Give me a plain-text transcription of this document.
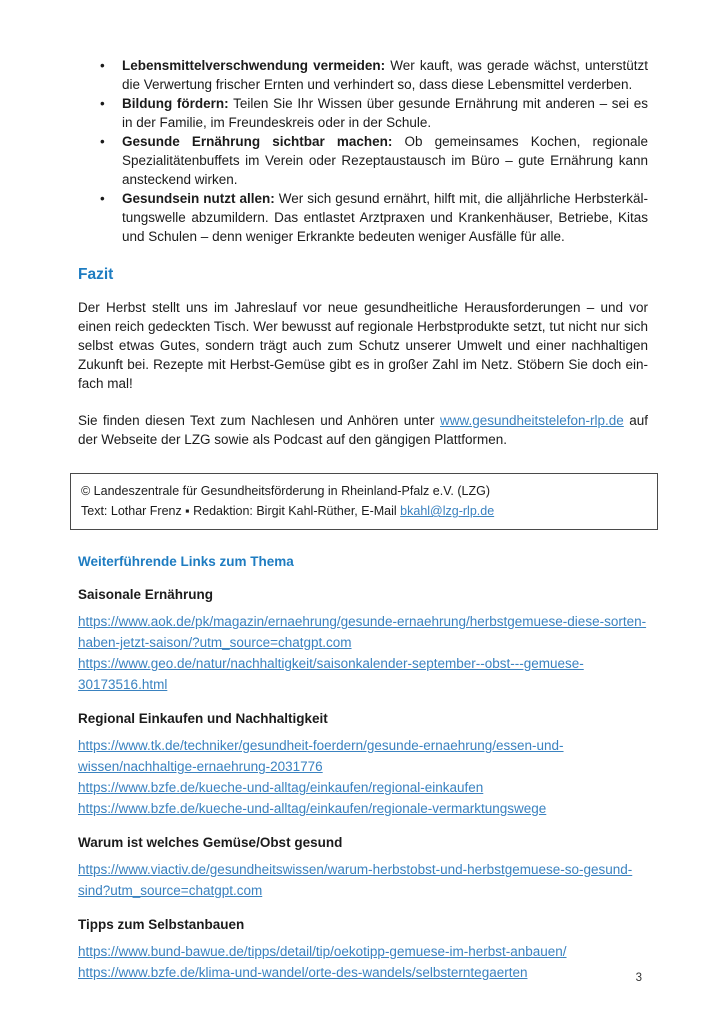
• Lebensmittelverschwendung vermeiden: Wer kauft, was gerade wächst, unterstützt die Verwertung frischer Ernten und verhindert so, dass diese Lebensmittel verderben.
• Bildung fördern: Teilen Sie Ihr Wissen über gesunde Ernährung mit anderen – sei es in der Familie, im Freundeskreis oder in der Schule.
• Gesunde Ernährung sichtbar machen: Ob gemeinsames Kochen, regionale Spezialitätenbuffets im Verein oder Rezeptaustausch im Büro – gute Ernährung kann ansteckend wirken.
• Gesundsein nutzt allen: Wer sich gesund ernährt, hilft mit, die alljährliche Herbsterkältungswelle abzumildern. Das entlastet Arztpraxen und Krankenhäuser, Betriebe, Kitas und Schulen – denn weniger Erkrankte bedeuten weniger Ausfälle für alle.
Fazit

Der Herbst stellt uns im Jahreslauf vor neue gesundheitliche Herausforderungen – und vor einen reich gedeckten Tisch. Wer bewusst auf regionale Herbstprodukte setzt, tut nicht nur sich selbst etwas Gutes, sondern trägt auch zum Schutz unserer Umwelt und einer nachhaltigen Zukunft bei. Rezepte mit Herbst-Gemüse gibt es in großer Zahl im Netz. Stöbern Sie doch einfach mal!

Sie finden diesen Text zum Nachlesen und Anhören unter www.gesundheitstelefon-rlp.de auf der Webseite der LZG sowie als Podcast auf den gängigen Plattformen.

© Landeszentrale für Gesundheitsförderung in Rheinland-Pfalz e.V. (LZG)
Text: Lothar Frenz ▪ Redaktion: Birgit Kahl-Rüther, E-Mail bkahl@lzg-rlp.de
Weiterführende Links zum Thema
Saisonale Ernährung
https://www.aok.de/pk/magazin/ernaehrung/gesunde-ernaehrung/herbstgemuese-diese-sorten-haben-jetzt-saison/?utm_source=chatgpt.com
https://www.geo.de/natur/nachhaltigkeit/saisonkalender-september--obst---gemuese-30173516.html
Regional Einkaufen und Nachhaltigkeit
https://www.tk.de/techniker/gesundheit-foerdern/gesunde-ernaehrung/essen-und-wissen/nachhaltige-ernaehrung-2031776
https://www.bzfe.de/kueche-und-alltag/einkaufen/regional-einkaufen
https://www.bzfe.de/kueche-und-alltag/einkaufen/regionale-vermarktungswege
Warum ist welches Gemüse/Obst gesund
https://www.viactiv.de/gesundheitswissen/warum-herbstobst-und-herbstgemuese-so-gesund-sind?utm_source=chatgpt.com
Tipps zum Selbstanbauen
https://www.bund-bawue.de/tipps/detail/tip/oekotipp-gemuese-im-herbst-anbauen/
https://www.bzfe.de/klima-und-wandel/orte-des-wandels/selbsterntegaerten	3
